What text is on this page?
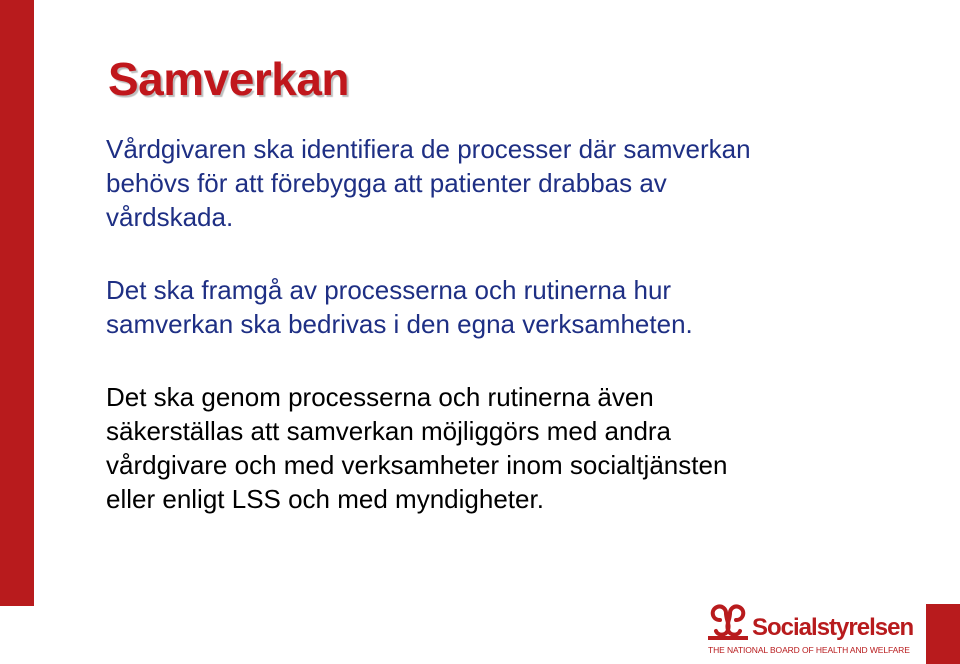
Samverkan

Vårdgivaren ska identifiera de processer där samverkan
behövs för att förebygga att patienter drabbas av
vårdskada.

Det ska framgå av processerna och rutinerna hur
samverkan ska bedrivas i den egna verksamheten.

Det ska genom processerna och rutinerna även
säkerställas att samverkan möjliggörs med andra
vårdgivare och med verksamheter inom socialtjänsten
eller enligt LSS och med myndigheter.

Socialstyrelsen
THE NATIONAL BOARD OF HEALTH AND WELFARE
